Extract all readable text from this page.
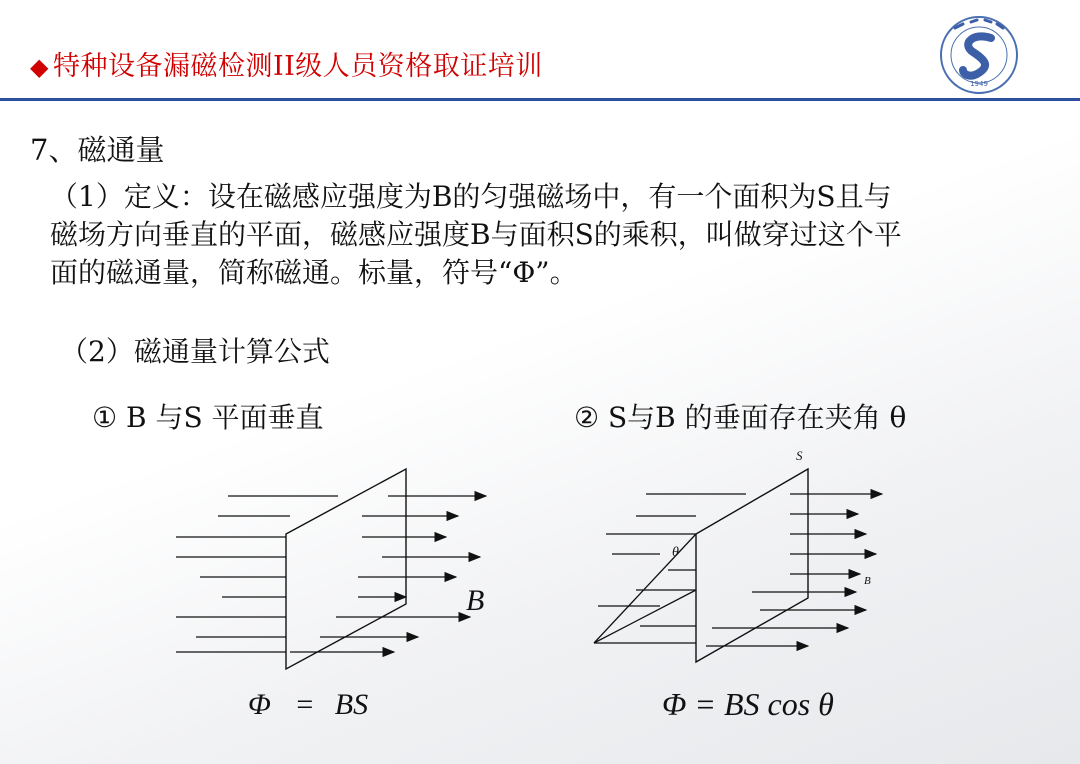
◆ 特种设备漏磁检测II级人员资格取证培训
1949
7、磁通量
（1）定义：设在磁感应强度为B的匀强磁场中，有一个面积为S且与
磁场方向垂直的平面，磁感应强度B与面积S的乘积，叫做穿过这个平
面的磁通量，简称磁通。标量，符号“Φ”。
（2）磁通量计算公式
① B 与S 平面垂直	② S与B 的垂面存在夹角 θ
B
S
θ
B
Φ = BS	Φ = BS cos θ
